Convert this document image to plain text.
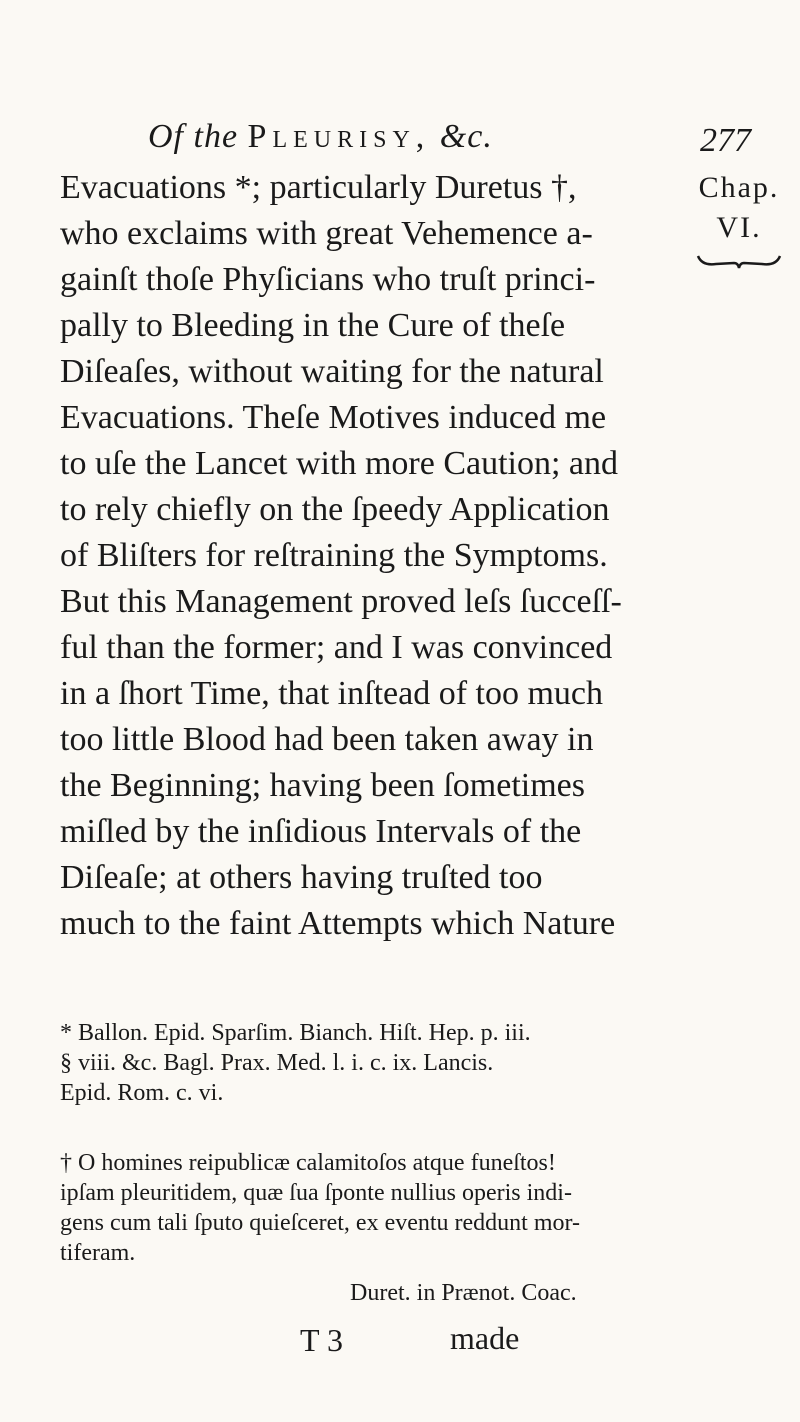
Of the Pleurisy, &c.	277
Chap.
VI.
Evacuations *; particularly Duretus †,
who exclaims with great Vehemence a-
gainſt thoſe Phyſicians who truſt princi-
pally to Bleeding in the Cure of theſe
Diſeaſes, without waiting for the natural
Evacuations. Theſe Motives induced me
to uſe the Lancet with more Caution; and
to rely chiefly on the ſpeedy Application
of Bliſters for reſtraining the Symptoms.
But this Management proved leſs ſucceſſ-
ful than the former; and I was convinced
in a ſhort Time, that inſtead of too much
too little Blood had been taken away in
the Beginning; having been ſometimes
miſled by the inſidious Intervals of the
Diſeaſe; at others having truſted too
much to the faint Attempts which Nature
* Ballon. Epid. Sparſim. Bianch. Hiſt. Hep. p. iii.
§ viii. &c. Bagl. Prax. Med. l. i. c. ix. Lancis.
Epid. Rom. c. vi.
† O homines reipublicæ calamitoſos atque funeſtos!
ipſam pleuritidem, quæ ſua ſponte nullius operis indi-
gens cum tali ſputo quieſceret, ex eventu reddunt mor-
tiferam.
Duret. in Prænot. Coac.
T 3	made
